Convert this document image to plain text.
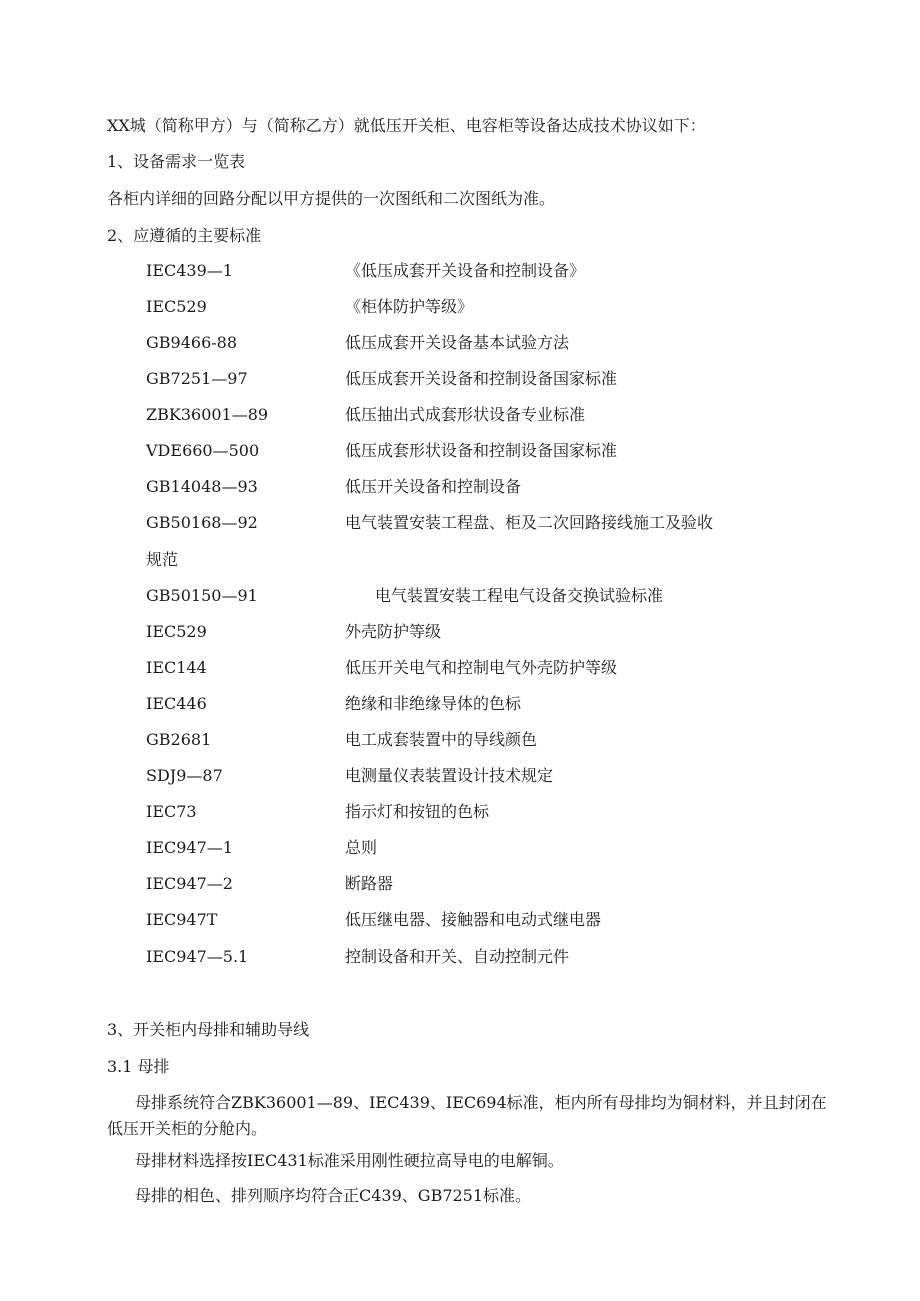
XX城（简称甲方）与（简称乙方）就低压开关柜、电容柜等设备达成技术协议如下：
1、设备需求一览表
各柜内详细的回路分配以甲方提供的一次图纸和二次图纸为准。
2、应遵循的主要标准
IEC439—1	《低压成套开关设备和控制设备》
IEC529	《柜体防护等级》
GB9466-88	低压成套开关设备基本试验方法
GB7251—97	低压成套开关设备和控制设备国家标准
ZBK36001—89	低压抽出式成套形状设备专业标准
VDE660—500	低压成套形状设备和控制设备国家标准
GB14048—93	低压开关设备和控制设备
GB50168—92	电气装置安装工程盘、柜及二次回路接线施工及验收
规范
GB50150—91	电气装置安装工程电气设备交换试验标准
IEC529	外壳防护等级
IEC144	低压开关电气和控制电气外壳防护等级
IEC446	绝缘和非绝缘导体的色标
GB2681	电工成套装置中的导线颜色
SDJ9—87	电测量仪表装置设计技术规定
IEC73	指示灯和按钮的色标
IEC947—1	总则
IEC947—2	断路器
IEC947T	低压继电器、接触器和电动式继电器
IEC947—5.1	控制设备和开关、自动控制元件
3、开关柜内母排和辅助导线
3.1 母排
母排系统符合ZBK36001—89、IEC439、IEC694标准，柜内所有母排均为铜材料，并且封闭在低压开关柜的分舱内。
母排材料选择按IEC431标准采用刚性硬拉高导电的电解铜。
母排的相色、排列顺序均符合正C439、GB7251标准。
